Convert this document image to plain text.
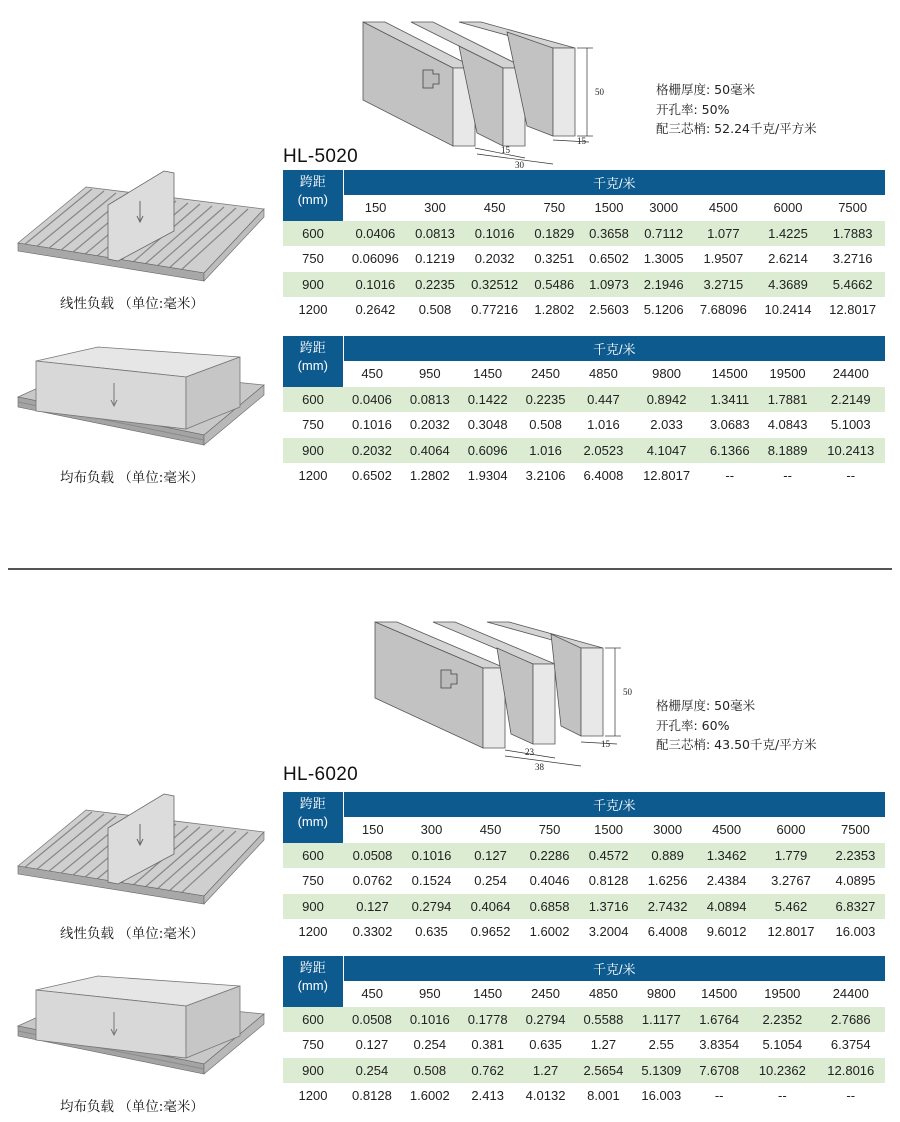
50
15
30
15
格栅厚度: 50毫米
开孔率: 50%
配三芯梢: 52.24千克/平方米
HL-5020
线性负载 （单位:毫米）
均布负载 （单位:毫米）
跨距
(mm)	千克/米								
	150	300	450	750	1500	3000	4500	6000	7500
600	0.0406	0.0813	0.1016	0.1829	0.3658	0.7112	1.077	1.4225	1.7883
750	0.06096	0.1219	0.2032	0.3251	0.6502	1.3005	1.9507	2.6214	3.2716
900	0.1016	0.2235	0.32512	0.5486	1.0973	2.1946	3.2715	4.3689	5.4662
1200	0.2642	0.508	0.77216	1.2802	2.5603	5.1206	7.68096	10.2414	12.8017
跨距
(mm)	千克/米								
	450	950	1450	2450	4850	9800	14500	19500	24400
600	0.0406	0.0813	0.1422	0.2235	0.447	0.8942	1.3411	1.7881	2.2149
750	0.1016	0.2032	0.3048	0.508	1.016	2.033	3.0683	4.0843	5.1003
900	0.2032	0.4064	0.6096	1.016	2.0523	4.1047	6.1366	8.1889	10.2413
1200	0.6502	1.2802	1.9304	3.2106	6.4008	12.8017	--	--	--
50
23
38
15
格栅厚度: 50毫米
开孔率: 60%
配三芯梢: 43.50千克/平方米
HL-6020
线性负载 （单位:毫米）
均布负载 （单位:毫米）
跨距
(mm)	千克/米								
	150	300	450	750	1500	3000	4500	6000	7500
600	0.0508	0.1016	0.127	0.2286	0.4572	0.889	1.3462	1.779	2.2353
750	0.0762	0.1524	0.254	0.4046	0.8128	1.6256	2.4384	3.2767	4.0895
900	0.127	0.2794	0.4064	0.6858	1.3716	2.7432	4.0894	5.462	6.8327
1200	0.3302	0.635	0.9652	1.6002	3.2004	6.4008	9.6012	12.8017	16.003
跨距
(mm)	千克/米								
	450	950	1450	2450	4850	9800	14500	19500	24400
600	0.0508	0.1016	0.1778	0.2794	0.5588	1.1177	1.6764	2.2352	2.7686
750	0.127	0.254	0.381	0.635	1.27	2.55	3.8354	5.1054	6.3754
900	0.254	0.508	0.762	1.27	2.5654	5.1309	7.6708	10.2362	12.8016
1200	0.8128	1.6002	2.413	4.0132	8.001	16.003	--	--	--
